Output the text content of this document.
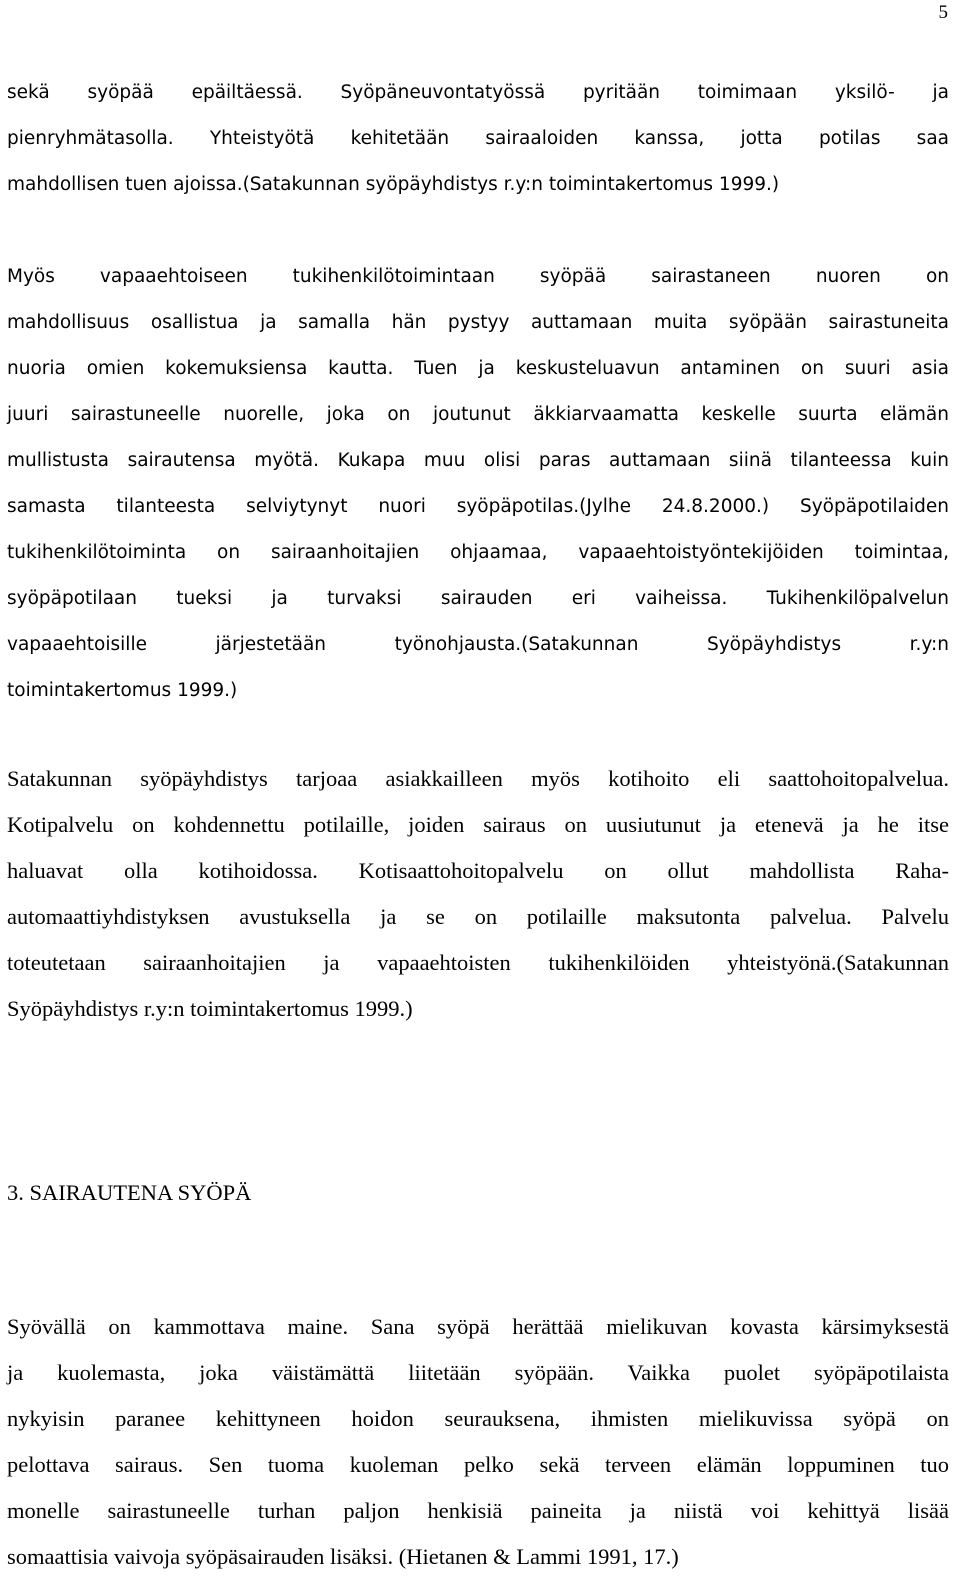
5
sekä syöpää epäiltäessä. Syöpäneuvontatyössä pyritään toimimaan yksilö- ja
pienryhmätasolla. Yhteistyötä kehitetään sairaaloiden kanssa, jotta potilas saa
mahdollisen tuen ajoissa.(Satakunnan syöpäyhdistys r.y:n toimintakertomus 1999.)
Myös vapaaehtoiseen tukihenkilötoimintaan syöpää sairastaneen nuoren on
mahdollisuus osallistua ja samalla hän pystyy auttamaan muita syöpään sairastuneita
nuoria omien kokemuksiensa kautta. Tuen ja keskusteluavun antaminen on suuri asia
juuri sairastuneelle nuorelle, joka on joutunut äkkiarvaamatta keskelle suurta elämän
mullistusta sairautensa myötä. Kukapa muu olisi paras auttamaan siinä tilanteessa kuin
samasta tilanteesta selviytynyt nuori syöpäpotilas.(Jylhe 24.8.2000.) Syöpäpotilaiden
tukihenkilötoiminta on sairaanhoitajien ohjaamaa, vapaaehtoistyöntekijöiden toimintaa,
syöpäpotilaan tueksi ja turvaksi sairauden eri vaiheissa. Tukihenkilöpalvelun
vapaaehtoisille järjestetään työnohjausta.(Satakunnan Syöpäyhdistys r.y:n
toimintakertomus 1999.)
Satakunnan syöpäyhdistys tarjoaa asiakkailleen myös kotihoito eli saattohoitopalvelua.
Kotipalvelu on kohdennettu potilaille, joiden sairaus on uusiutunut ja etenevä ja he itse
haluavat olla kotihoidossa. Kotisaattohoitopalvelu on ollut mahdollista Raha-
automaattiyhdistyksen avustuksella ja se on potilaille maksutonta palvelua. Palvelu
toteutetaan sairaanhoitajien ja vapaaehtoisten tukihenkilöiden yhteistyönä.(Satakunnan
Syöpäyhdistys r.y:n toimintakertomus 1999.)
3. SAIRAUTENA SYÖPÄ
Syövällä on kammottava maine. Sana syöpä herättää mielikuvan kovasta kärsimyksestä
ja kuolemasta, joka väistämättä liitetään syöpään. Vaikka puolet syöpäpotilaista
nykyisin paranee kehittyneen hoidon seurauksena, ihmisten mielikuvissa syöpä on
pelottava sairaus. Sen tuoma kuoleman pelko sekä terveen elämän loppuminen tuo
monelle sairastuneelle turhan paljon henkisiä paineita ja niistä voi kehittyä lisää
somaattisia vaivoja syöpäsairauden lisäksi. (Hietanen & Lammi 1991, 17.)
